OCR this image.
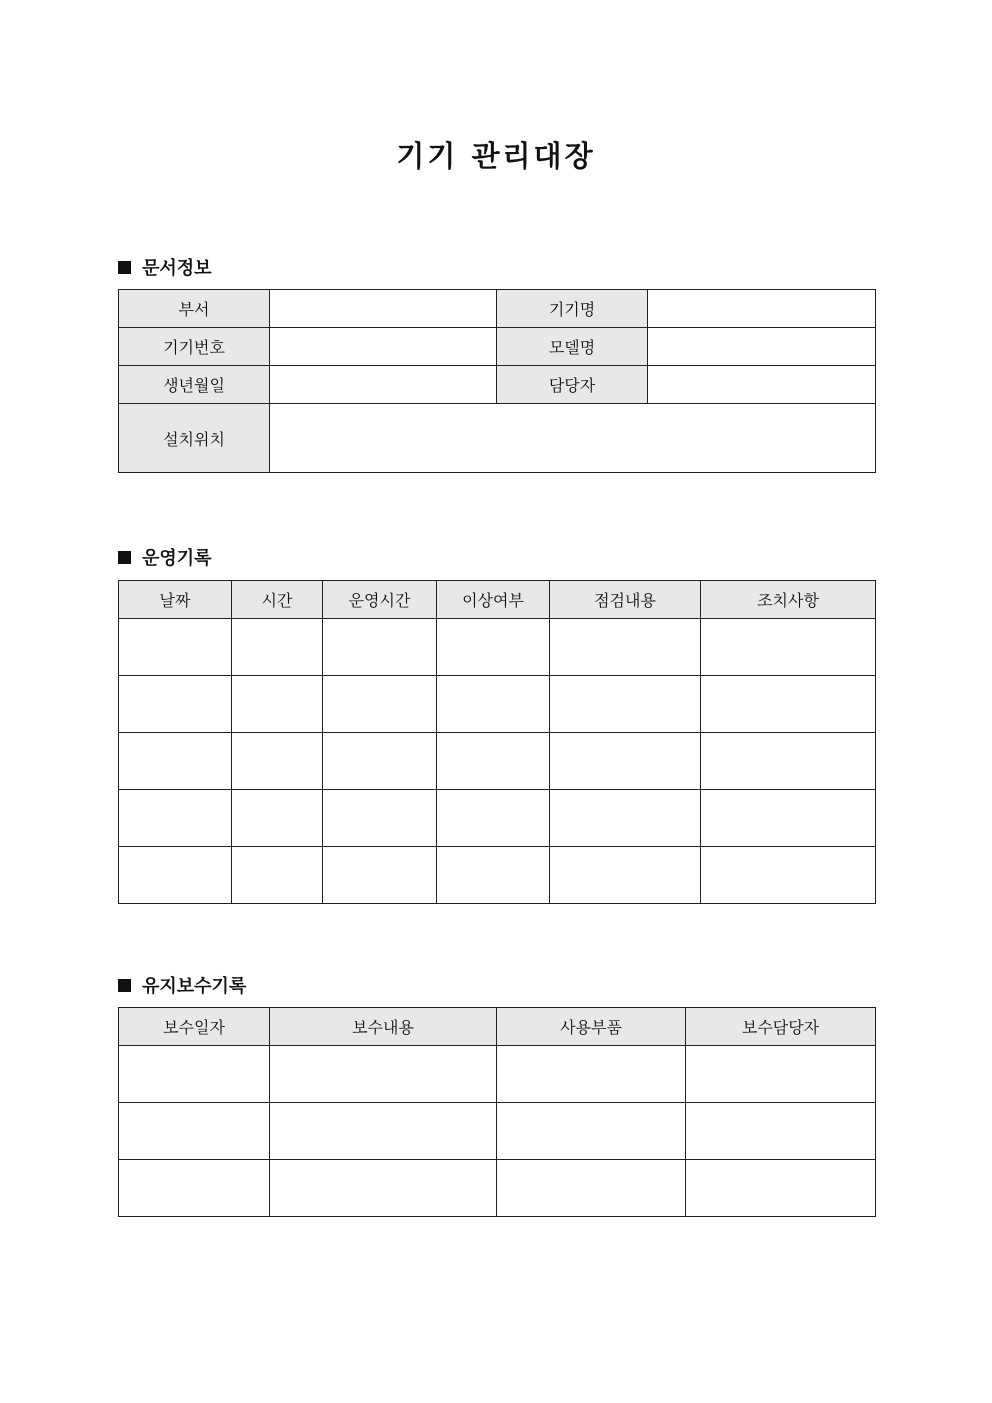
기기 관리대장
문서정보
부서		기기명	
기기번호		모델명	
생년월일		담당자	
설치위치			
운영기록
날짜	시간	운영시간	이상여부	점검내용	조치사항

유지보수기록
보수일자	보수내용	사용부품	보수담당자
